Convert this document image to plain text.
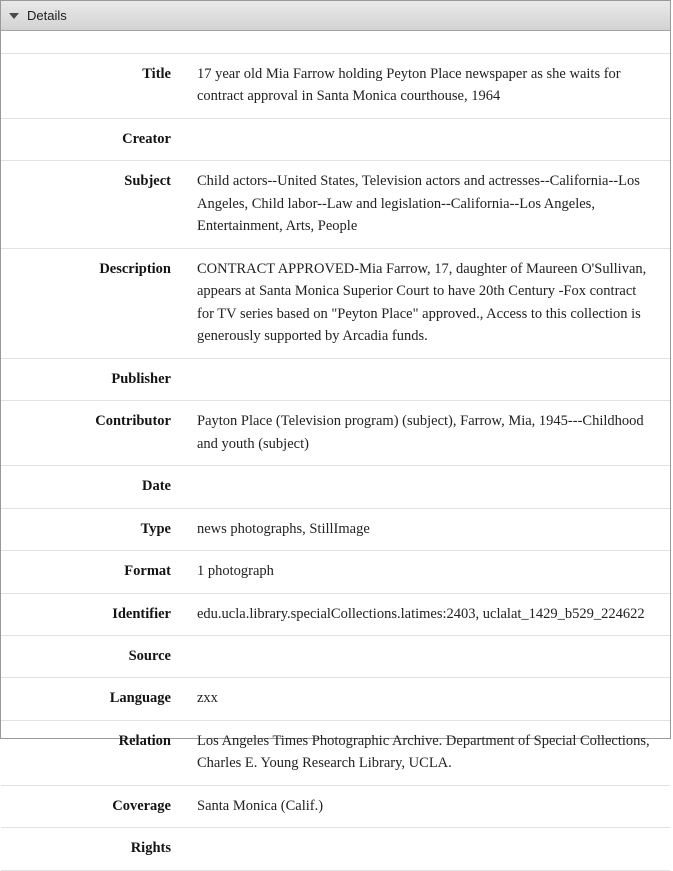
Details
Title	17 year old Mia Farrow holding Peyton Place newspaper as she waits for contract approval in Santa Monica courthouse, 1964
Creator	
Subject	Child actors--United States, Television actors and actresses--California--Los Angeles, Child labor--Law and legislation--California--Los Angeles, Entertainment, Arts, People
Description	CONTRACT APPROVED-Mia Farrow, 17, daughter of Maureen O'Sullivan, appears at Santa Monica Superior Court to have 20th Century -Fox contract for TV series based on "Peyton Place" approved., Access to this collection is generously supported by Arcadia funds.
Publisher	
Contributor	Payton Place (Television program) (subject), Farrow, Mia, 1945---Childhood and youth (subject)
Date	
Type	news photographs, StillImage
Format	1 photograph
Identifier	edu.ucla.library.specialCollections.latimes:2403, uclalat_1429_b529_224622
Source	
Language	zxx
Relation	Los Angeles Times Photographic Archive. Department of Special Collections, Charles E. Young Research Library, UCLA.
Coverage	Santa Monica (Calif.)
Rights	
